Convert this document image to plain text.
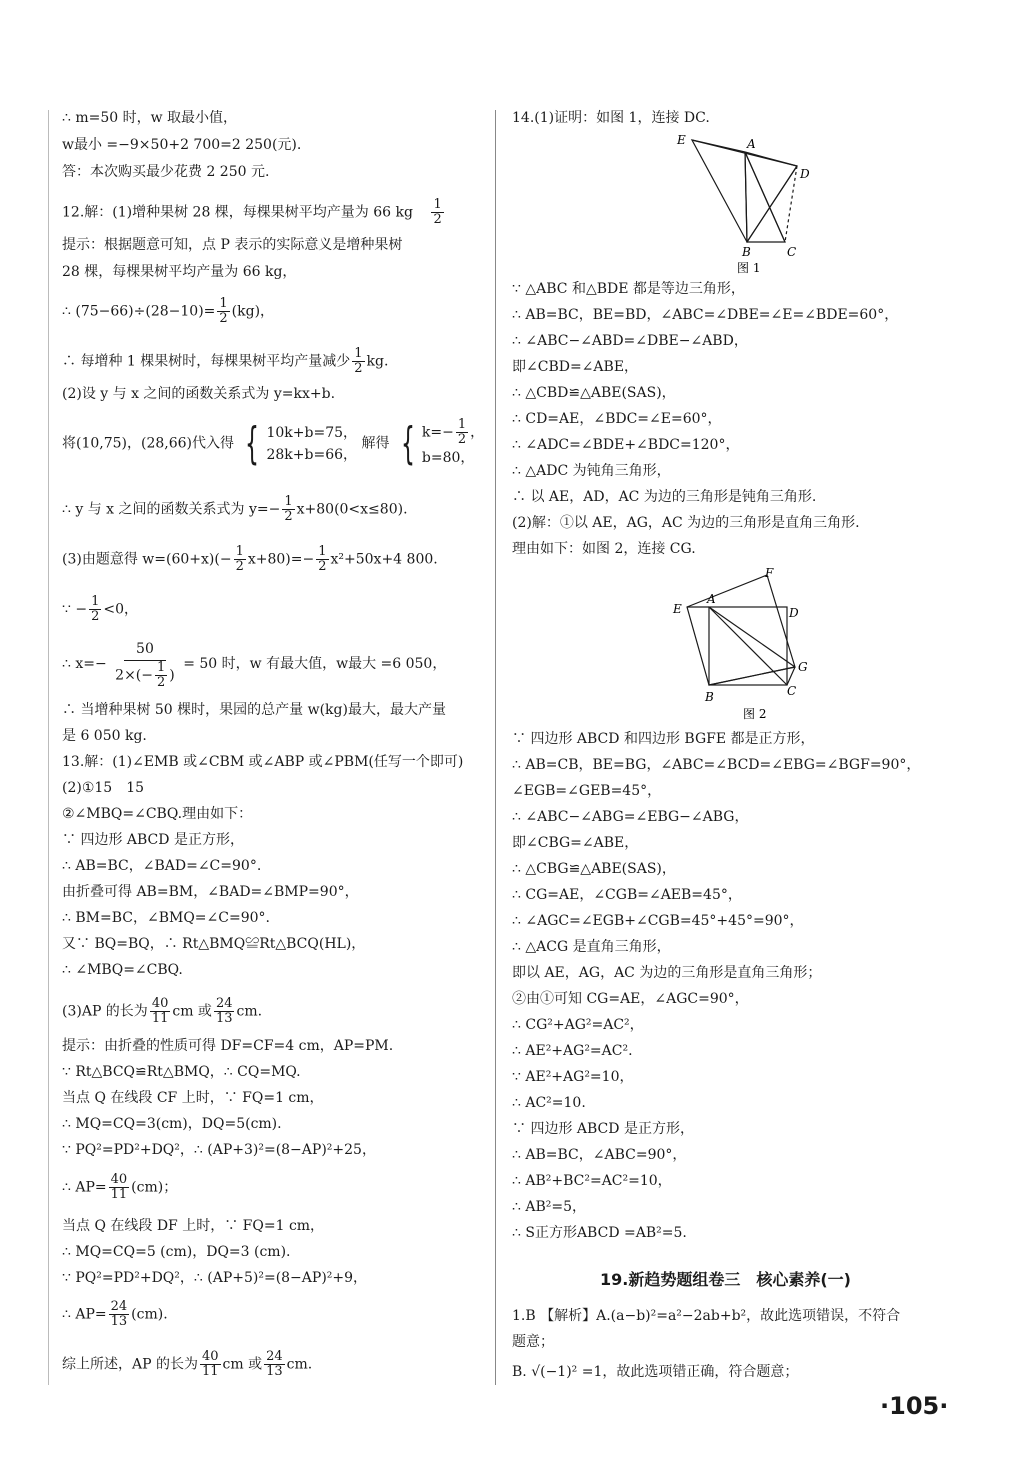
∴ m=50 时，w 取最小值，
w最小 =−9×50+2 700=2 250(元).
答：本次购买最少花费 2 250 元.
12.解：(1)增种果树 28 棵，每棵果树平均产量为 66 kg $\frac{1}{2}$
提示：根据题意可知，点 P 表示的实际意义是增种果树
28 棵，每棵果树平均产量为 66 kg，
∴ $(75-66)\div(28-10)= \frac{1}{2} (kg)$，
∴ 每增种 1 棵果树时，每棵果树平均产量减少 $\frac{1}{2}$ kg.
(2)设 y 与 x 之间的函数关系式为 y=kx+b.
将(10,75)，(28,66)代入得 { 10k+b=75，
28k+b=66，
解得 { $k=- \frac{1}{2}$ ，
b=80，
∴ y 与 x 之间的函数关系式为 $y=- \frac{1}{2} x+80(0<x\le 80)$.
(3)由题意得 $w=(60+x)(- \frac{1}{2} x+80)=- \frac{1}{2} x^2+50x+4$ 800.
∵ − $\frac{1}{2} <0$，
∴ $x=- \frac{50}{2\times(- \frac{1}{2} )} = 50$ 时，w 有最大值，w最大 =6 050，
∴ 当增种果树 50 棵时，果园的总产量 w(kg)最大，最大产量
是 6 050 kg.
13.解：(1)∠EMB 或∠CBM 或∠ABP 或∠PBM(任写一个即可)
(2)①15　15
②∠MBQ=∠CBQ.理由如下：
∵ 四边形 ABCD 是正方形，
∴ AB=BC，∠BAD=∠C=90°.
由折叠可得 AB=BM，∠BAD=∠BMP=90°，
∴ BM=BC，∠BMQ=∠C=90°.
又∵ BQ=BQ，∴ Rt△BMQ≌Rt△BCQ(HL)，
∴ ∠MBQ=∠CBQ.
(3)AP 的长为 $\frac{40}{11}$ cm 或 $\frac{24}{13}$ cm.
提示：由折叠的性质可得 DF=CF=4 cm，AP=PM.
∵ Rt△BCQ≌Rt△BMQ，∴ CQ=MQ.
当点 Q 在线段 CF 上时，∵ FQ=1 cm，
∴ MQ=CQ=3(cm)，DQ=5(cm).
∵ PQ²=PD²+DQ²，∴ (AP+3)²=(8−AP)²+25，
∴ $AP= \frac{40}{11} (cm)$；
当点 Q 在线段 DF 上时，∵ FQ=1 cm，
∴ MQ=CQ=5 (cm)，DQ=3 (cm).
∵ PQ²=PD²+DQ²，∴ (AP+5)²=(8−AP)²+9，
∴ $AP= \frac{24}{13} (cm)$.
综上所述，AP 的长为 $\frac{40}{11}$ cm 或 $\frac{24}{13}$ cm.
14.(1)证明：如图 1，连接 DC.
E	A
D
B	C
图 1
∵ △ABC 和△BDE 都是等边三角形，
∴ AB=BC，BE=BD，∠ABC=∠DBE=∠E=∠BDE=60°，
∴ ∠ABC−∠ABD=∠DBE−∠ABD，
即∠CBD=∠ABE，
∴ △CBD≌△ABE(SAS)，
∴ CD=AE，∠BDC=∠E=60°，
∴ ∠ADC=∠BDE+∠BDC=120°，
∴ △ADC 为钝角三角形，
∴ 以 AE，AD，AC 为边的三角形是钝角三角形.
(2)解：①以 AE，AG，AC 为边的三角形是直角三角形.
理由如下：如图 2，连接 CG.
F
E
A
D
G
B	C
图 2
∵ 四边形 ABCD 和四边形 BGFE 都是正方形，
∴ AB=CB，BE=BG，∠ABC=∠BCD=∠EBG=∠BGF=90°，
∠EGB=∠GEB=45°，
∴ ∠ABC−∠ABG=∠EBG−∠ABG，
即∠CBG=∠ABE，
∴ △CBG≌△ABE(SAS)，
∴ CG=AE，∠CGB=∠AEB=45°，
∴ ∠AGC=∠EGB+∠CGB=45°+45°=90°，
∴ △ACG 是直角三角形，
即以 AE，AG，AC 为边的三角形是直角三角形；
②由①可知 CG=AE，∠AGC=90°，
∴ CG²+AG²=AC²，
∴ AE²+AG²=AC².
∵ AE²+AG²=10，
∴ AC²=10.
∵ 四边形 ABCD 是正方形，
∴ AB=BC，∠ABC=90°，
∴ AB²+BC²=AC²=10，
∴ AB²=5，
∴ S正方形ABCD =AB²=5.
1.B 【解析】A.(a−b)²=a²−2ab+b²，故此选项错误，不符合
题意；
B. √(−1)² =1，故此选项错正确，符合题意；
19.新趋势题组卷三　核心素养(一)
·105·
